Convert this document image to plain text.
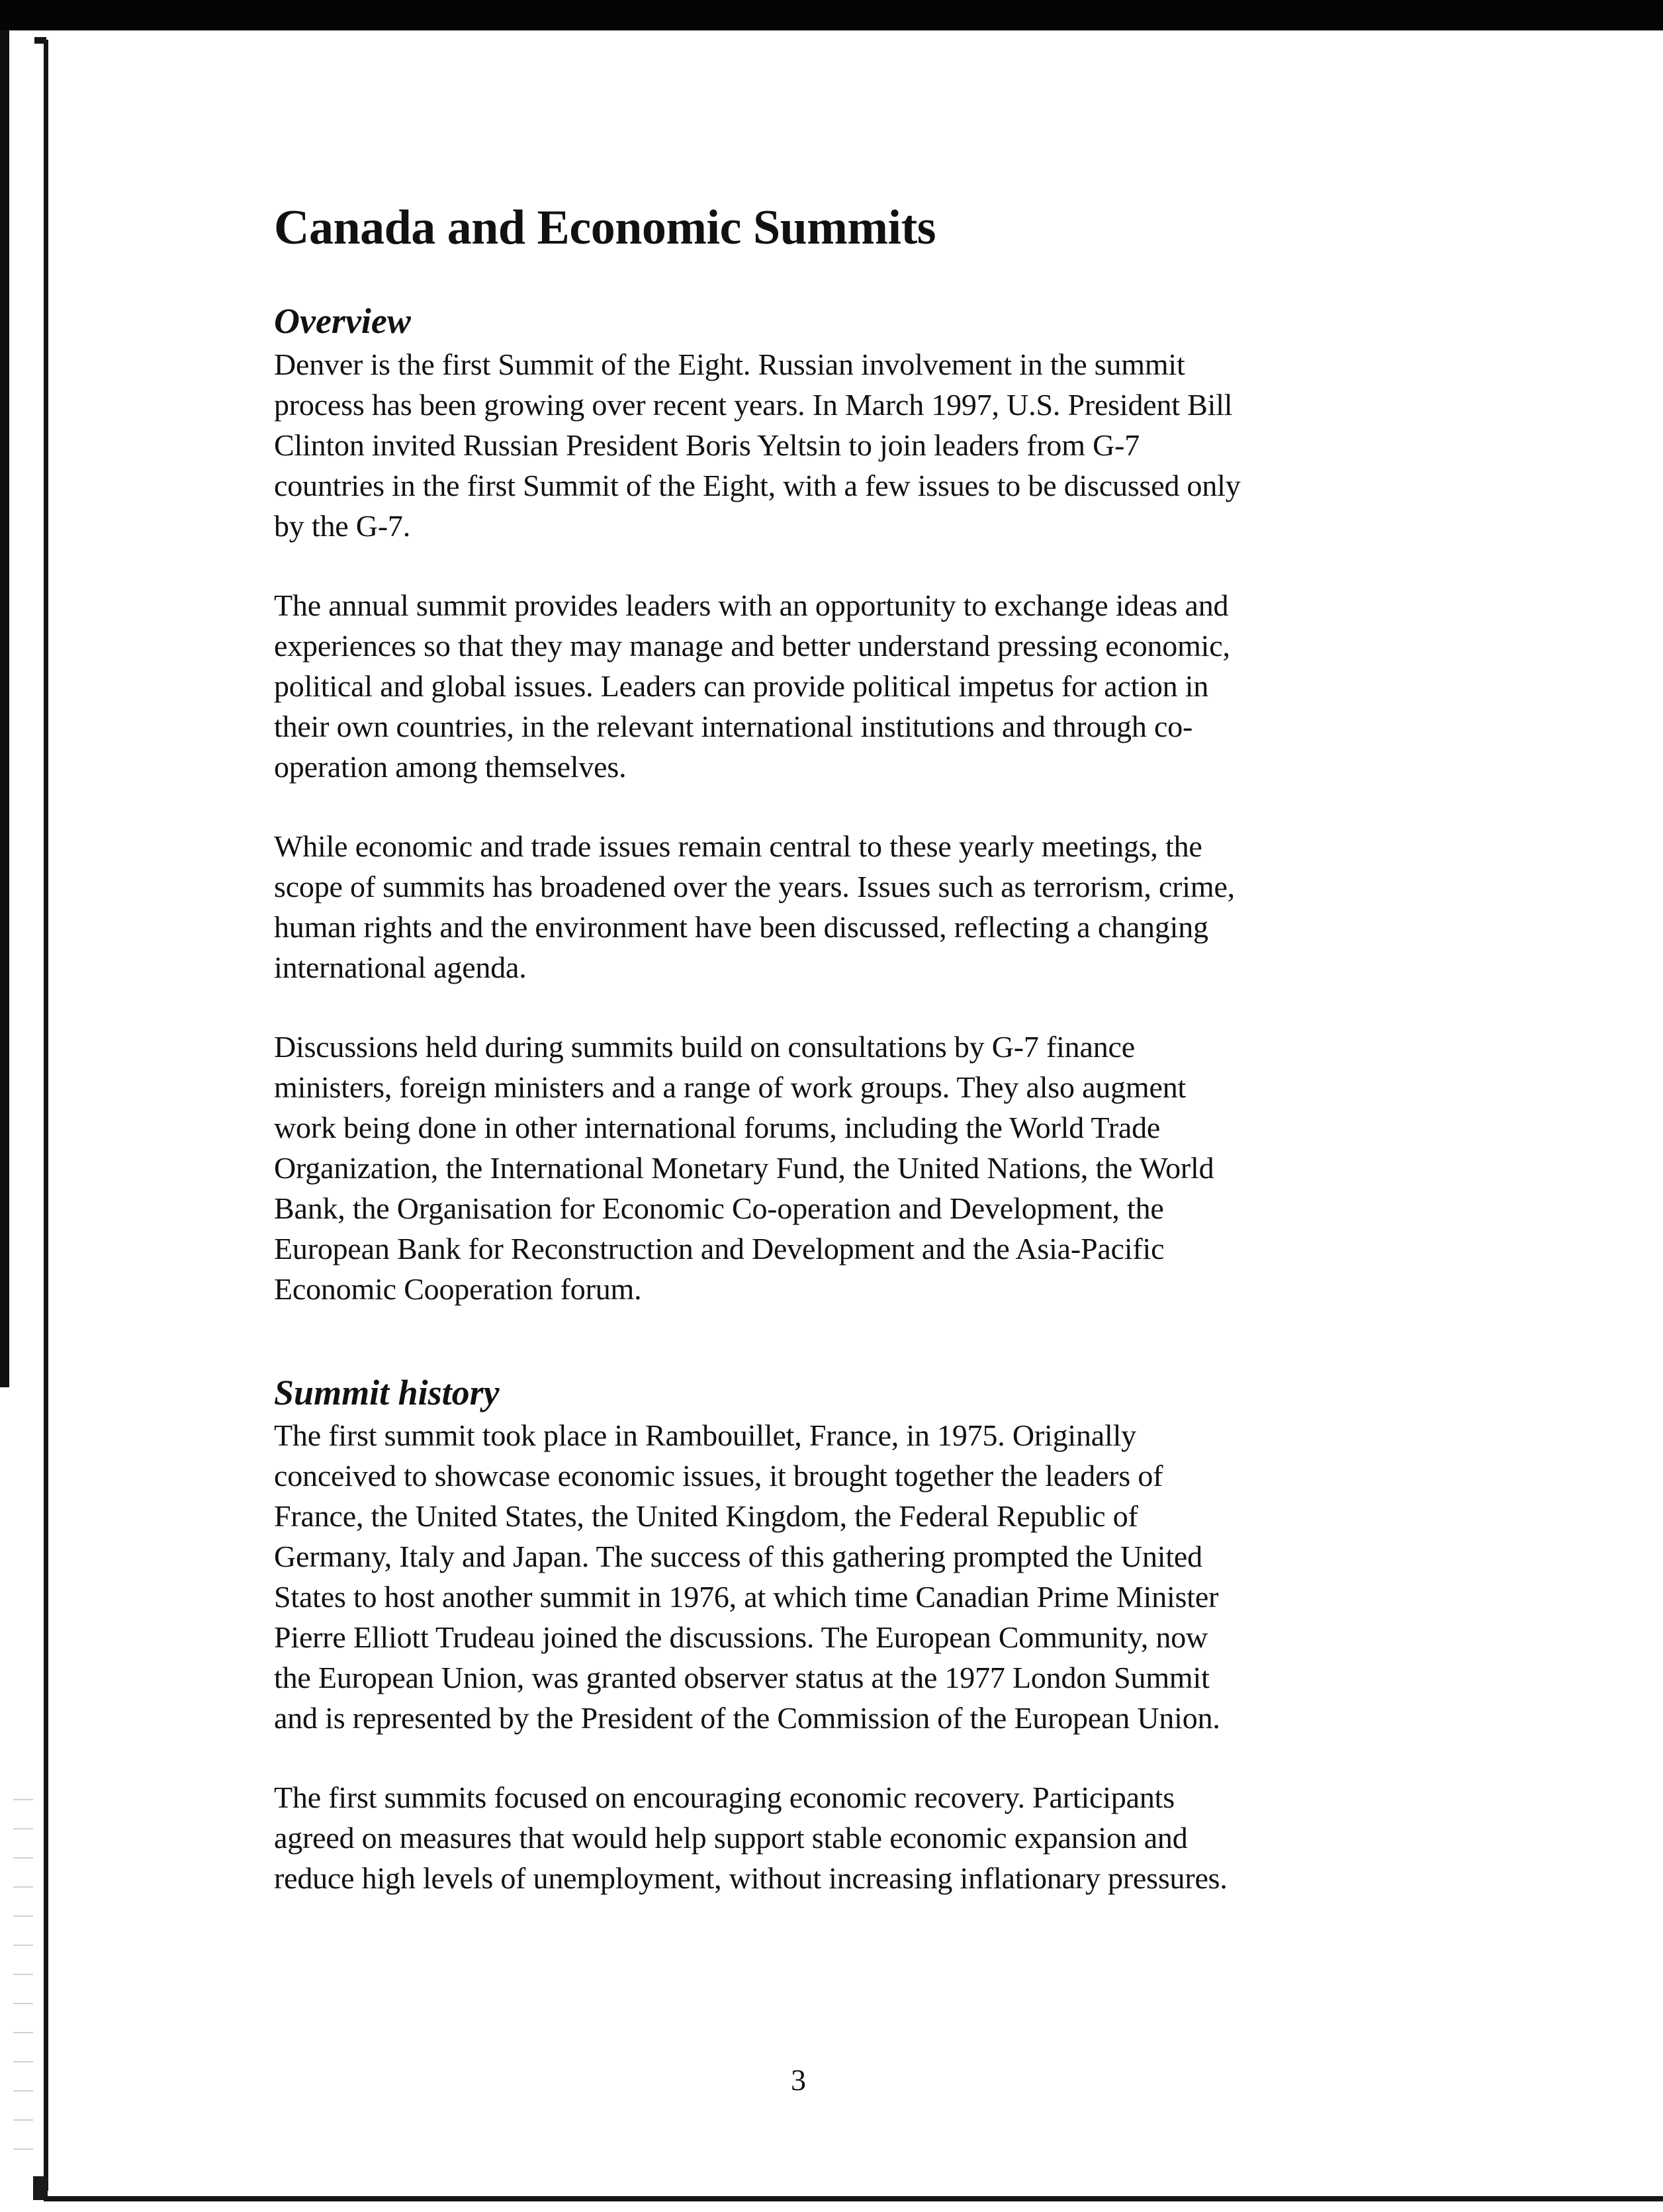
Canada and Economic Summits
Overview

Denver is the first Summit of the Eight. Russian involvement in the summit
process has been growing over recent years. In March 1997, U.S. President Bill
Clinton invited Russian President Boris Yeltsin to join leaders from G-7
countries in the first Summit of the Eight, with a few issues to be discussed only
by the G-7.

The annual summit provides leaders with an opportunity to exchange ideas and
experiences so that they may manage and better understand pressing economic,
political and global issues. Leaders can provide political impetus for action in
their own countries, in the relevant international institutions and through co-
operation among themselves.

While economic and trade issues remain central to these yearly meetings, the
scope of summits has broadened over the years. Issues such as terrorism, crime,
human rights and the environment have been discussed, reflecting a changing
international agenda.

Discussions held during summits build on consultations by G-7 finance
ministers, foreign ministers and a range of work groups. They also augment
work being done in other international forums, including the World Trade
Organization, the International Monetary Fund, the United Nations, the World
Bank, the Organisation for Economic Co-operation and Development, the
European Bank for Reconstruction and Development and the Asia-Pacific
Economic Cooperation forum.

Summit history

The first summit took place in Rambouillet, France, in 1975. Originally
conceived to showcase economic issues, it brought together the leaders of
France, the United States, the United Kingdom, the Federal Republic of
Germany, Italy and Japan. The success of this gathering prompted the United
States to host another summit in 1976, at which time Canadian Prime Minister
Pierre Elliott Trudeau joined the discussions. The European Community, now
the European Union, was granted observer status at the 1977 London Summit
and is represented by the President of the Commission of the European Union.

The first summits focused on encouraging economic recovery. Participants
agreed on measures that would help support stable economic expansion and
reduce high levels of unemployment, without increasing inflationary pressures.

3
